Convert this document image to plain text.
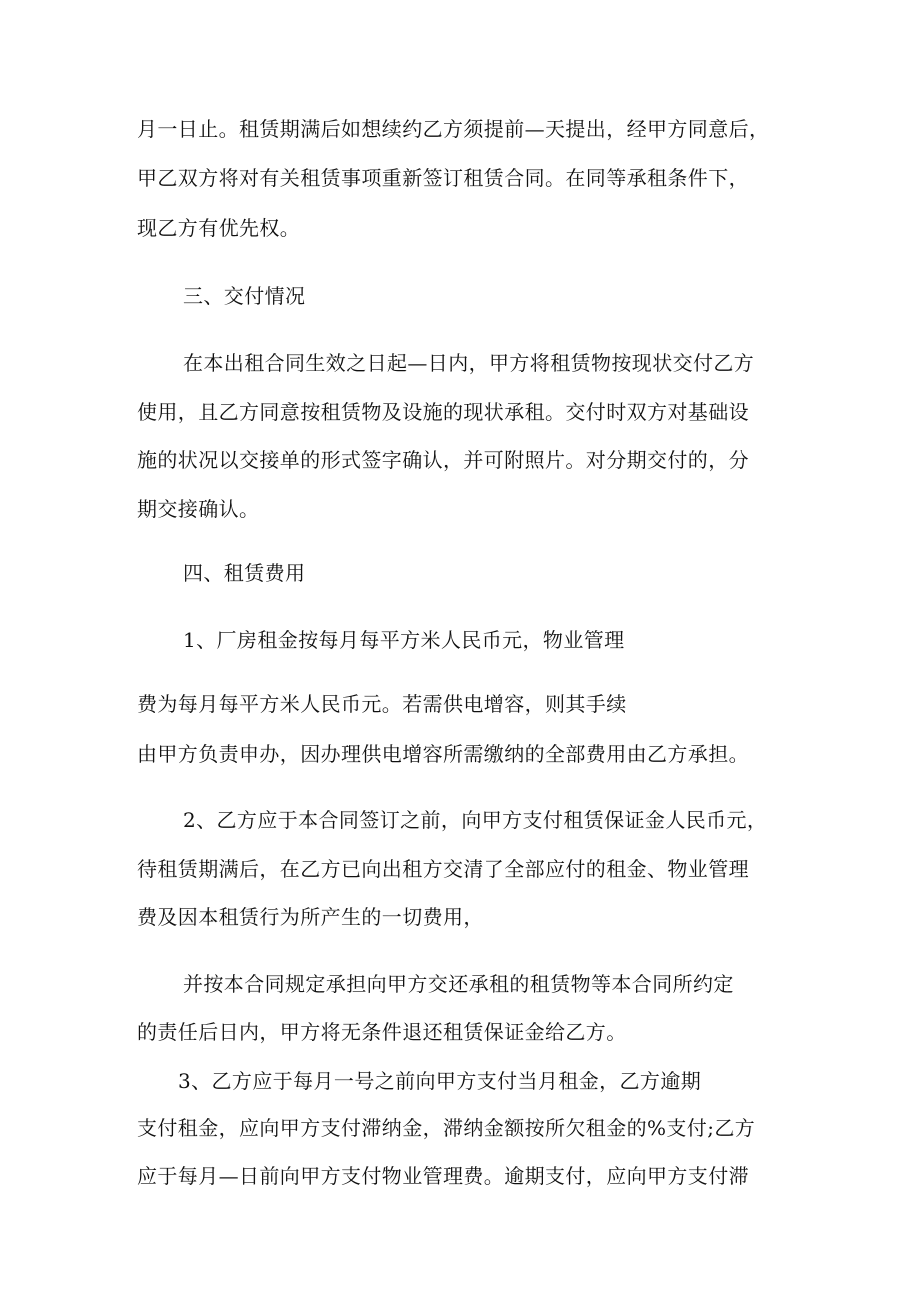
月一日止。租赁期满后如想续约乙方须提前—天提出，经甲方同意后，
甲乙双方将对有关租赁事项重新签订租赁合同。在同等承租条件下，
现乙方有优先权。
三、交付情况
在本出租合同生效之日起—日内，甲方将租赁物按现状交付乙方
使用，且乙方同意按租赁物及设施的现状承租。交付时双方对基础设
施的状况以交接单的形式签字确认，并可附照片。对分期交付的，分
期交接确认。
四、租赁费用
1、厂房租金按每月每平方米人民币元，物业管理
费为每月每平方米人民币元。若需供电增容，则其手续
由甲方负责申办，因办理供电增容所需缴纳的全部费用由乙方承担。
2、乙方应于本合同签订之前，向甲方支付租赁保证金人民币元，
待租赁期满后，在乙方已向出租方交清了全部应付的租金、物业管理
费及因本租赁行为所产生的一切费用，
并按本合同规定承担向甲方交还承租的租赁物等本合同所约定
的责任后日内，甲方将无条件退还租赁保证金给乙方。
3、乙方应于每月一号之前向甲方支付当月租金，乙方逾期
支付租金，应向甲方支付滞纳金，滞纳金额按所欠租金的%支付;乙方
应于每月—日前向甲方支付物业管理费。逾期支付，应向甲方支付滞
